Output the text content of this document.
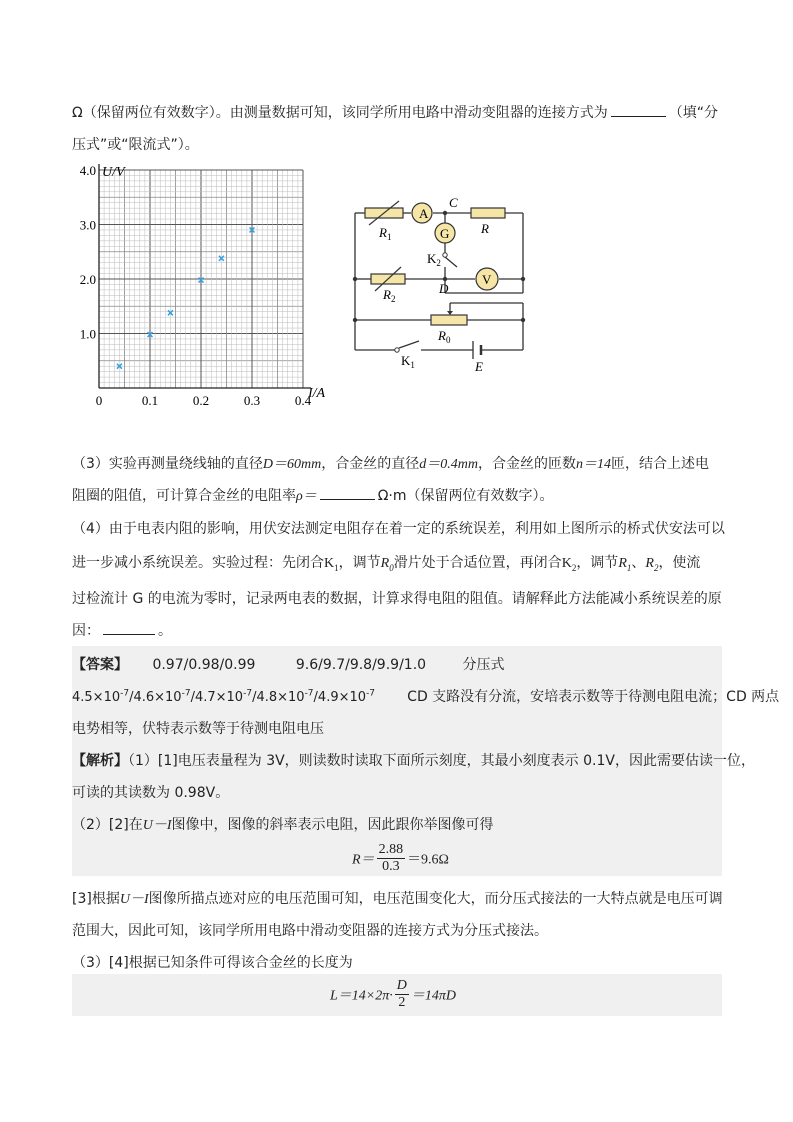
Ω（保留两位有效数字）。由测量数据可知，该同学所用电路中滑动变阻器的连接方式为	（填“分
压式”或“限流式”）。
0	0.1	0.2	0.3	0.4
1.0
2.0
3.0
4.0 U/V
I/A
A
G
V
C
D
R
$R_1$
$R_2$
$R_0$
$K_2$
$K_1$	E
（3）实验再测量绕线轴的直径D＝60mm，合金丝的直径d＝0.4mm，合金丝的匝数n＝14匝，结合上述电
阻圈的阻值，可计算合金丝的电阻率ρ＝	Ω·m（保留两位有效数字）。
（4）由于电表内阻的影响，用伏安法测定电阻存在着一定的系统误差，利用如上图所示的桥式伏安法可以
进一步减小系统误差。实验过程：先闭合$K_1$，调节$R_0$滑片处于合适位置，再闭合$K_2$，调节$R_1$、$R_2$，使流
过检流计 G 的电流为零时，记录两电表的数据，计算求得电阻的阻值。请解释此方法能减小系统误差的原
因：	。
【答案】 0.97/0.98/0.99	9.6/9.7/9.8/9.9/1.0	分压式
$4.5\times 10^{-7}/4.6\times 10^{-7}/4.7\times 10^{-7}/4.8\times 10^{-7}/4.9\times 10^{-7}$ CD 支路没有分流，安培表示数等于待测电阻电流；CD 两点
电势相等，伏特表示数等于待测电阻电压
【解析】（1）[1]电压表量程为 3V，则读数时读取下面所示刻度，其最小刻度表示 0.1V，因此需要估读一位，
可读的其读数为 0.98V。
（2）[2]在U－I图像中，图像的斜率表示电阻，因此跟你举图像可得
$R= \frac{2.88}{0.3} =9.6\Omega$
[3]根据U－I图像所描点迹对应的电压范围可知，电压范围变化大，而分压式接法的一大特点就是电压可调
范围大，因此可知，该同学所用电路中滑动变阻器的连接方式为分压式接法。
（3）[4]根据已知条件可得该合金丝的长度为
$L=14\times 2\pi\cdot \frac{D}{2} =14\pi D$
